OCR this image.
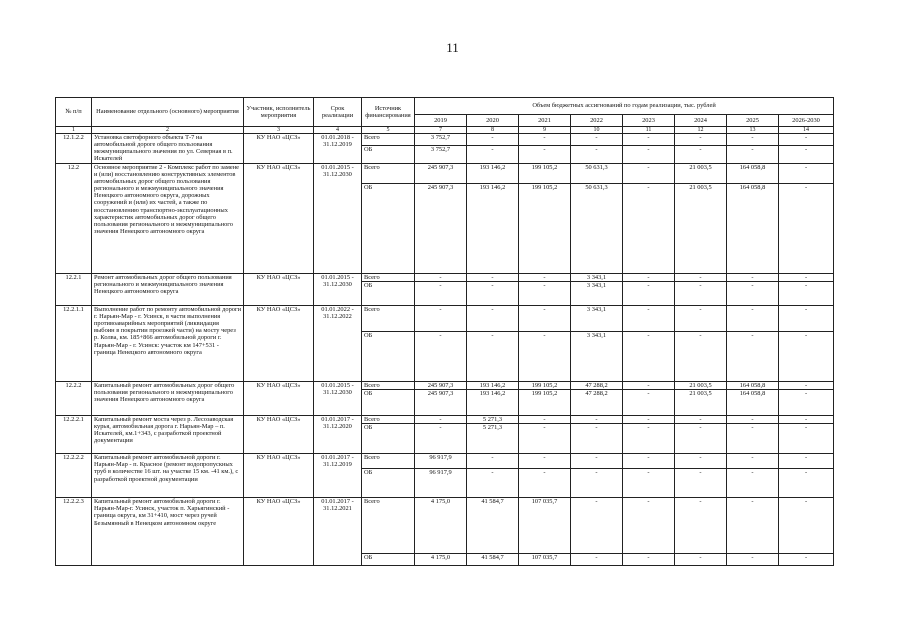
11
№ п/п	Наименование отдельного (основного) мероприятия	Участник, исполнитель мероприятия	Срок реализации	Источник финансирования	Объем бюджетных ассигнований по годам реализации, тыс. рублей							
					2019	2020	2021	2022	2023	2024	2025	2026-2030
1	2	3	4	5	7	8	9	10	11	12	13	14
12.1.2.2	Установка светофорного объекта Т-7 на автомобильной дороге общего пользования межмуниципального значения по ул. Северная в п. Искателей	КУ НАО «ЦСЗ»	01.01.2018 - 31.12.2019	Всего	3 752,7	-	-	-	-	-	-	-
				ОБ	3 752,7	-	-	-	-	-	-	-
12.2	Основное мероприятие 2 - Комплекс работ по замене и (или) восстановлению конструктивных элементов автомобильных дорог общего пользования регионального и межмуниципального значения Ненецкого автономного округа, дорожных сооружений и (или) их частей, а также по восстановлению транспортно-эксплуатационных характеристик автомобильных дорог общего пользования регионального и межмуниципального значения Ненецкого автономного округа	КУ НАО «ЦСЗ»	01.01.2015 - 31.12.2030	Всего	245 907,3	193 146,2	199 105,2	50 631,3	-	21 003,5	164 058,8	-
				ОБ	245 907,3	193 146,2	199 105,2	50 631,3	-	21 003,5	164 058,8	-
12.2.1	Ремонт автомобильных дорог общего пользования регионального и межмуниципального значения Ненецкого автономного округа	КУ НАО «ЦСЗ»	01.01.2015 - 31.12.2030	Всего	-	-	-	3 343,1	-	-	-	-
				ОБ	-	-	-	3 343,1	-	-	-	-
12.2.1.1	Выполнение работ по ремонту автомобильной дороги г. Нарьян-Мар - г. Усинск, в части выполнения противоаварийных мероприятий (ликвидация выбоин в покрытии проезжей части) на мосту через р. Колва, км. 185+866 автомобильной дороги г. Нарьян-Мар - г. Усинск: участок км 147+531 - граница Ненецкого автономного округа	КУ НАО «ЦСЗ»	01.01.2022 - 31.12.2022	Всего	-	-	-	3 343,1	-	-	-	-
				ОБ	-	-	-	3 343,1	-	-	-	-
12.2.2	Капитальный ремонт автомобильных дорог общего пользования регионального и межмуниципального значения Ненецкого автономного округа	КУ НАО «ЦСЗ»	01.01.2015 - 31.12.2030	Всего	245 907,3	193 146,2	199 105,2	47 288,2	-	21 003,5	164 058,8	-
				ОБ	245 907,3	193 146,2	199 105,2	47 288,2	-	21 003,5	164 058,8	-
12.2.2.1	Капитальный ремонт моста через р. Лесозаводская курья, автомобильная дорога г. Нарьян-Мар – п. Искателей, км.1+343, с разработкой проектной документации	КУ НАО «ЦСЗ»	01.01.2017 - 31.12.2020	Всего	-	5 271,3	-	-	-	-	-	-
				ОБ	-	5 271,3	-	-	-	-	-	-
12.2.2.2	Капитальный ремонт автомобильной дороги г. Нарьян-Мар - п. Красное (ремонт водопропускных труб в количестве 16 шт. на участке 15 км. -41 км.), с разработкой проектной документации	КУ НАО «ЦСЗ»	01.01.2017 - 31.12.2019	Всего	96 917,9	-	-	-	-	-	-	-
				ОБ	96 917,9	-	-	-	-	-	-	-
12.2.2.3	Капитальный ремонт автомобильной дороги г. Нарьян-Мар-г. Усинск, участок п. Харьягинский - граница округа, км 31+410, мост через ручей Безымянный в Ненецком автономном округе	КУ НАО «ЦСЗ»	01.01.2017 - 31.12.2021	Всего	4 175,0	41 584,7	107 035,7	-	-	-	-	-
				ОБ	4 175,0	41 584,7	107 035,7	-	-	-	-	-
